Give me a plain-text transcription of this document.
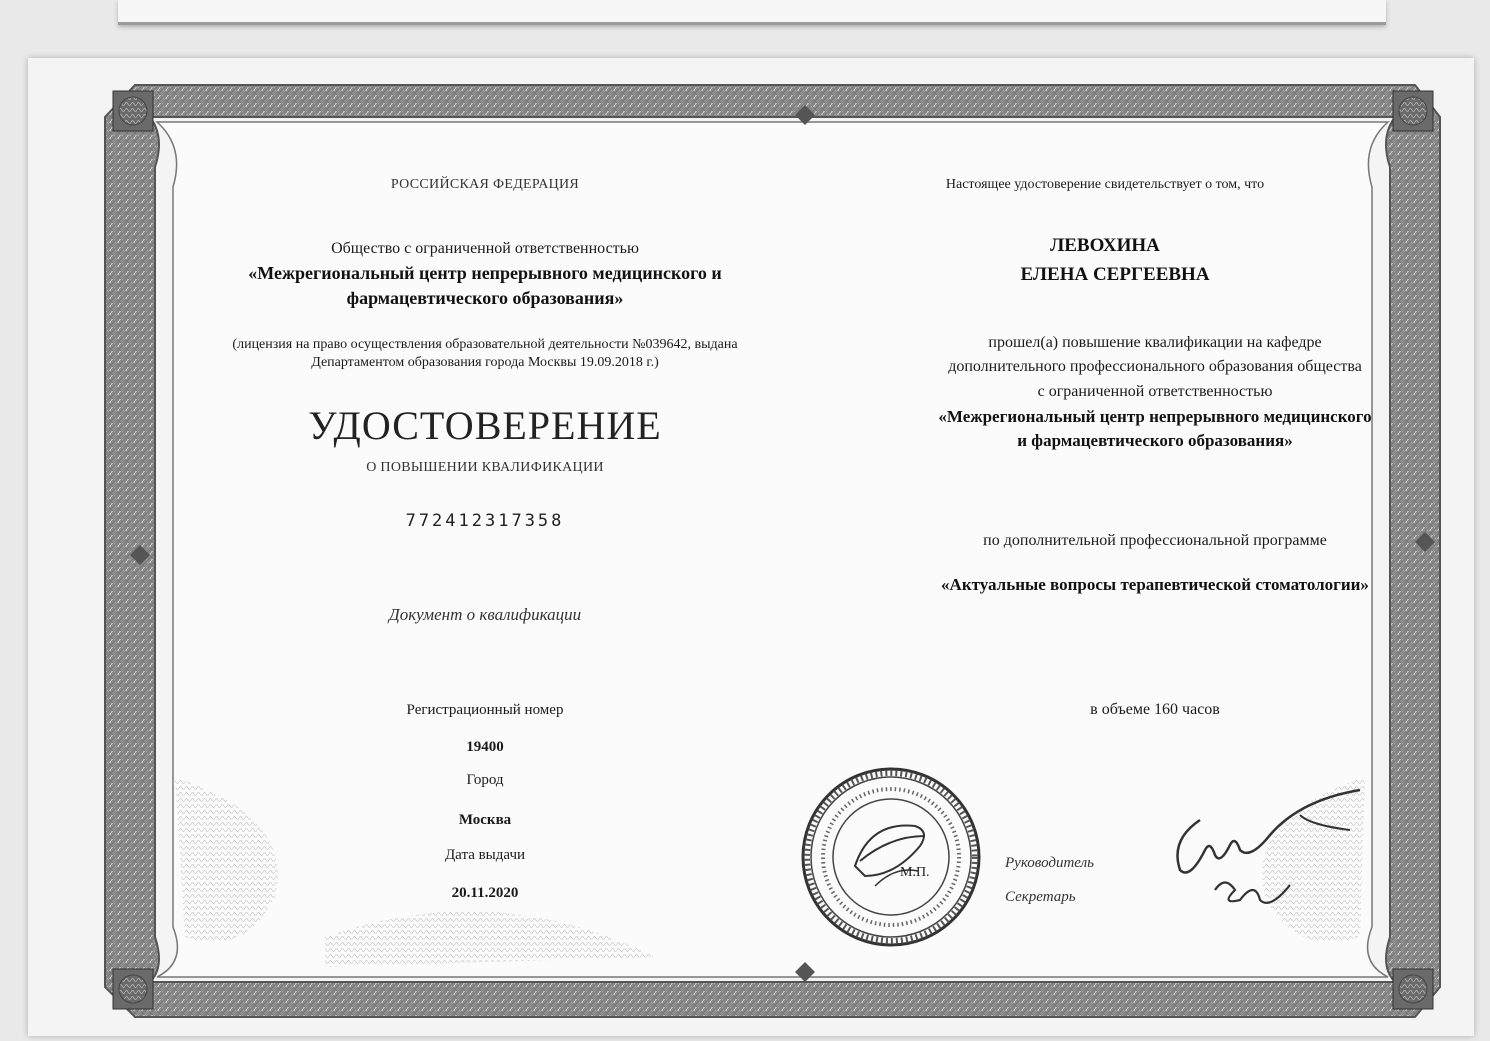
РОССИЙСКАЯ ФЕДЕРАЦИЯ
Общество с ограниченной ответственностью
«Межрегиональный центр непрерывного медицинского и
фармацевтического образования»
(лицензия на право осуществления образовательной деятельности №039642, выдана
Департаментом образования города Москвы 19.09.2018 г.)
УДОСТОВЕРЕНИЕ
О ПОВЫШЕНИИ КВАЛИФИКАЦИИ
772412317358
Документ о квалификации
Регистрационный номер
19400
Город
Москва
Дата выдачи
20.11.2020
Настоящее удостоверение свидетельствует о том, что
ЛЕВОХИНА
ЕЛЕНА СЕРГЕЕВНА
прошел(а) повышение квалификации на кафедре
дополнительного профессионального образования общества
с ограниченной ответственностью
«Межрегиональный центр непрерывного медицинского
и фармацевтического образования»
по дополнительной профессиональной программе
«Актуальные вопросы терапевтической стоматологии»
в объеме 160 часов
Руководитель
Секретарь
М.П.
